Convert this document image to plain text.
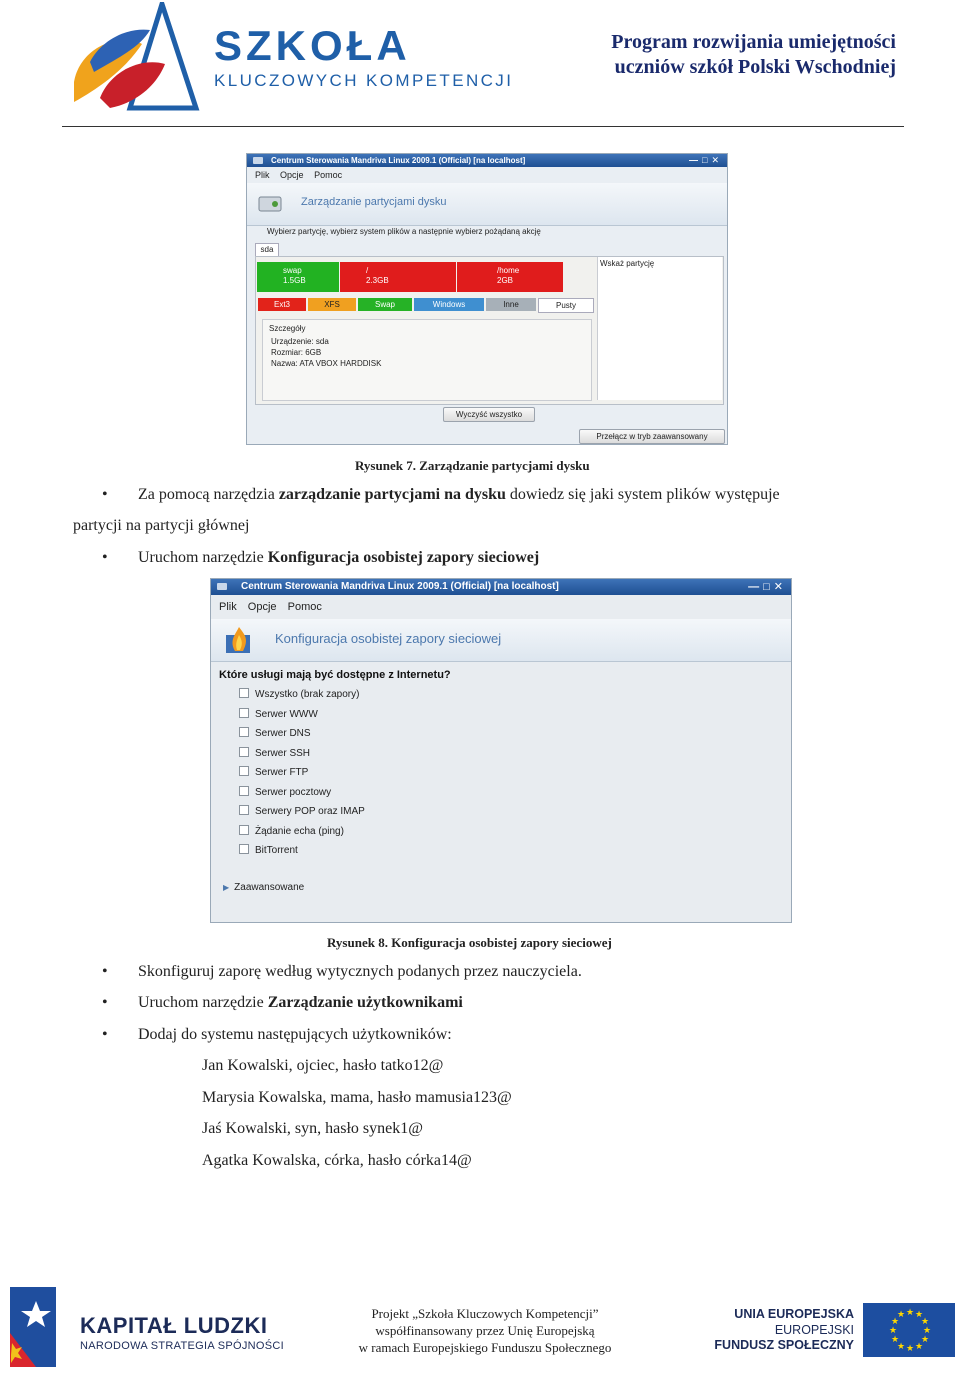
SZKOŁA
KLUCZOWYCH KOMPETENCJI
Program rozwijania umiejętności
uczniów szkół Polski Wschodniej
Centrum Sterowania Mandriva Linux 2009.1 (Official) [na localhost]	—□✕
Plik Opcje Pomoc
Zarządzanie partycjami dysku
Wybierz partycję, wybierz system plików a następnie wybierz pożądaną akcję
sda
swap
1.5GB
/
2.3GB
/home
2GB
Wskaż partycję
Ext3	XFS	Swap	Windows	Inne	Pusty
Szczegóły
Urządzenie: sda
Rozmiar: 6GB
Nazwa: ATA VBOX HARDDISK
Wyczyść wszystko
Przełącz w tryb zaawansowany
Rysunek 7. Zarządzanie partycjami dysku
• Za pomocą narzędzia zarządzanie partycjami na dysku dowiedz się jaki system plików występuje
partycji na partycji głównej
• Uruchom narzędzie Konfiguracja osobistej zapory sieciowej
Centrum Sterowania Mandriva Linux 2009.1 (Official) [na localhost]	—□✕
Plik Opcje Pomoc
Konfiguracja osobistej zapory sieciowej
Które usługi mają być dostępne z Internetu?
Wszystko (brak zapory)
Serwer WWW
Serwer DNS
Serwer SSH
Serwer FTP
Serwer pocztowy
Serwery POP oraz IMAP
Żądanie echa (ping)
BitTorrent
▶ Zaawansowane
Rysunek 8. Konfiguracja osobistej zapory sieciowej
• Skonfiguruj zaporę według wytycznych podanych przez nauczyciela.
• Uruchom narzędzie Zarządzanie użytkownikami
• Dodaj do systemu następujących użytkowników:
Jan Kowalski, ojciec, hasło tatko12@
Marysia Kowalska, mama, hasło mamusia123@
Jaś Kowalski, syn, hasło synek1@
Agatka Kowalska, córka, hasło córka14@
KAPITAŁ LUDZKI
NARODOWA STRATEGIA SPÓJNOŚCI
Projekt „Szkoła Kluczowych Kompetencji”
współfinansowany przez Unię Europejską
w ramach Europejskiego Funduszu Społecznego
UNIA EUROPEJSKA
EUROPEJSKI
FUNDUSZ SPOŁECZNY
★ ★
★
★
★
★
★
★
★
★
★
★
